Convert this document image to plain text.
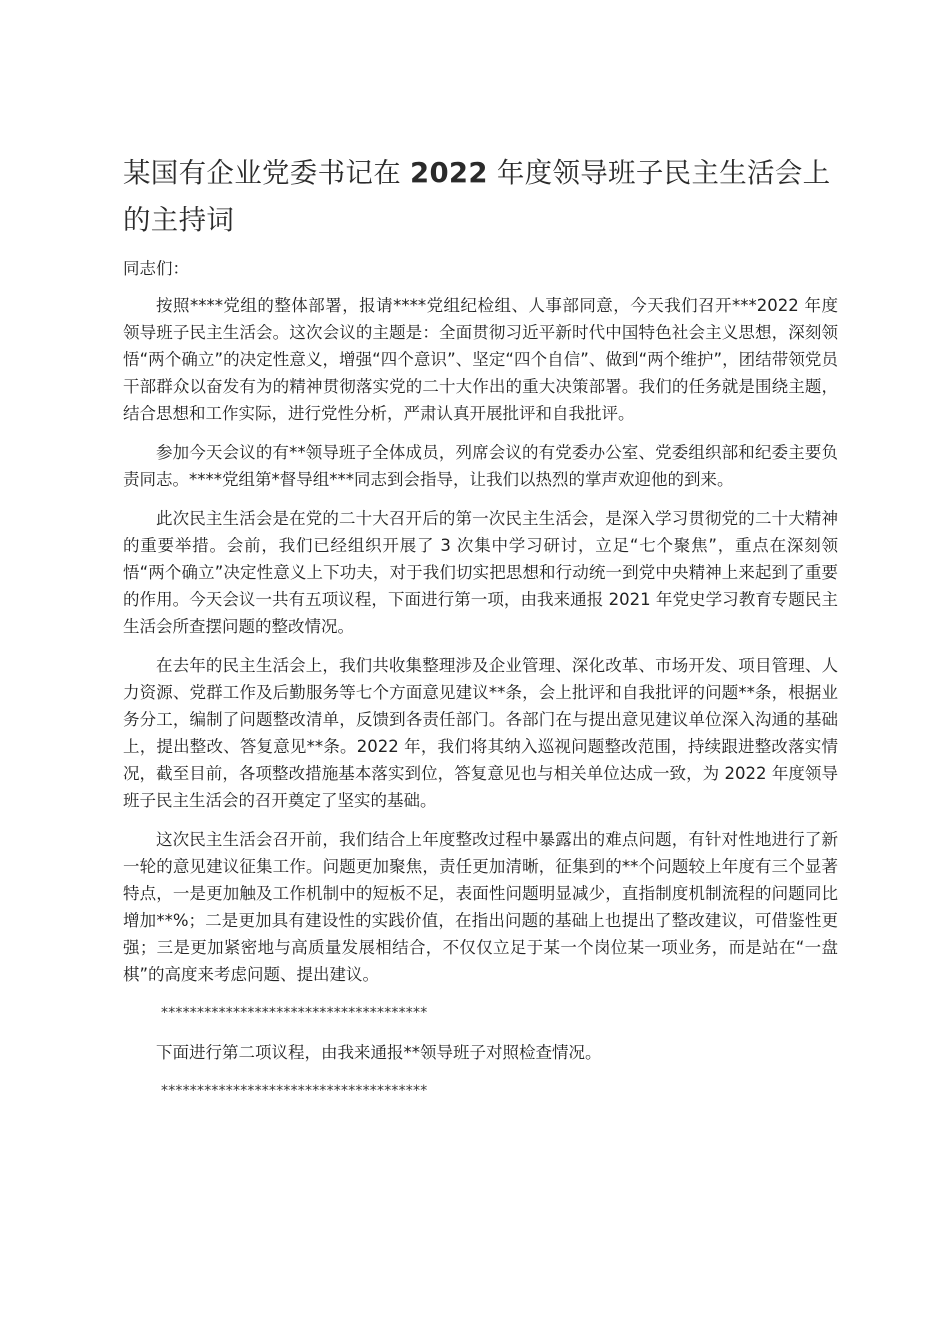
某国有企业党委书记在 2022 年度领导班子民主生活会上的主持词

同志们：

按照****党组的整体部署，报请****党组纪检组、人事部同意，今天我们召开***2022 年度领导班子民主生活会。这次会议的主题是：全面贯彻习近平新时代中国特色社会主义思想，深刻领悟“两个确立”的决定性意义，增强“四个意识”、坚定“四个自信”、做到“两个维护”，团结带领党员干部群众以奋发有为的精神贯彻落实党的二十大作出的重大决策部署。我们的任务就是围绕主题，结合思想和工作实际，进行党性分析，严肃认真开展批评和自我批评。

参加今天会议的有**领导班子全体成员，列席会议的有党委办公室、党委组织部和纪委主要负责同志。****党组第*督导组***同志到会指导，让我们以热烈的掌声欢迎他的到来。

此次民主生活会是在党的二十大召开后的第一次民主生活会，是深入学习贯彻党的二十大精神的重要举措。会前，我们已经组织开展了 3 次集中学习研讨，立足“七个聚焦”，重点在深刻领悟“两个确立”决定性意义上下功夫，对于我们切实把思想和行动统一到党中央精神上来起到了重要的作用。今天会议一共有五项议程，下面进行第一项，由我来通报 2021 年党史学习教育专题民主生活会所查摆问题的整改情况。

在去年的民主生活会上，我们共收集整理涉及企业管理、深化改革、市场开发、项目管理、人力资源、党群工作及后勤服务等七个方面意见建议**条，会上批评和自我批评的问题**条，根据业务分工，编制了问题整改清单，反馈到各责任部门。各部门在与提出意见建议单位深入沟通的基础上，提出整改、答复意见**条。2022 年，我们将其纳入巡视问题整改范围，持续跟进整改落实情况，截至目前，各项整改措施基本落实到位，答复意见也与相关单位达成一致，为 2022 年度领导班子民主生活会的召开奠定了坚实的基础。

这次民主生活会召开前，我们结合上年度整改过程中暴露出的难点问题，有针对性地进行了新一轮的意见建议征集工作。问题更加聚焦，责任更加清晰，征集到的**个问题较上年度有三个显著特点，一是更加触及工作机制中的短板不足，表面性问题明显减少，直指制度机制流程的问题同比增加**%；二是更加具有建设性的实践价值，在指出问题的基础上也提出了整改建议，可借鉴性更强；三是更加紧密地与高质量发展相结合，不仅仅立足于某一个岗位某一项业务，而是站在“一盘棋”的高度来考虑问题、提出建议。

*************************************

下面进行第二项议程，由我来通报**领导班子对照检查情况。

*************************************
